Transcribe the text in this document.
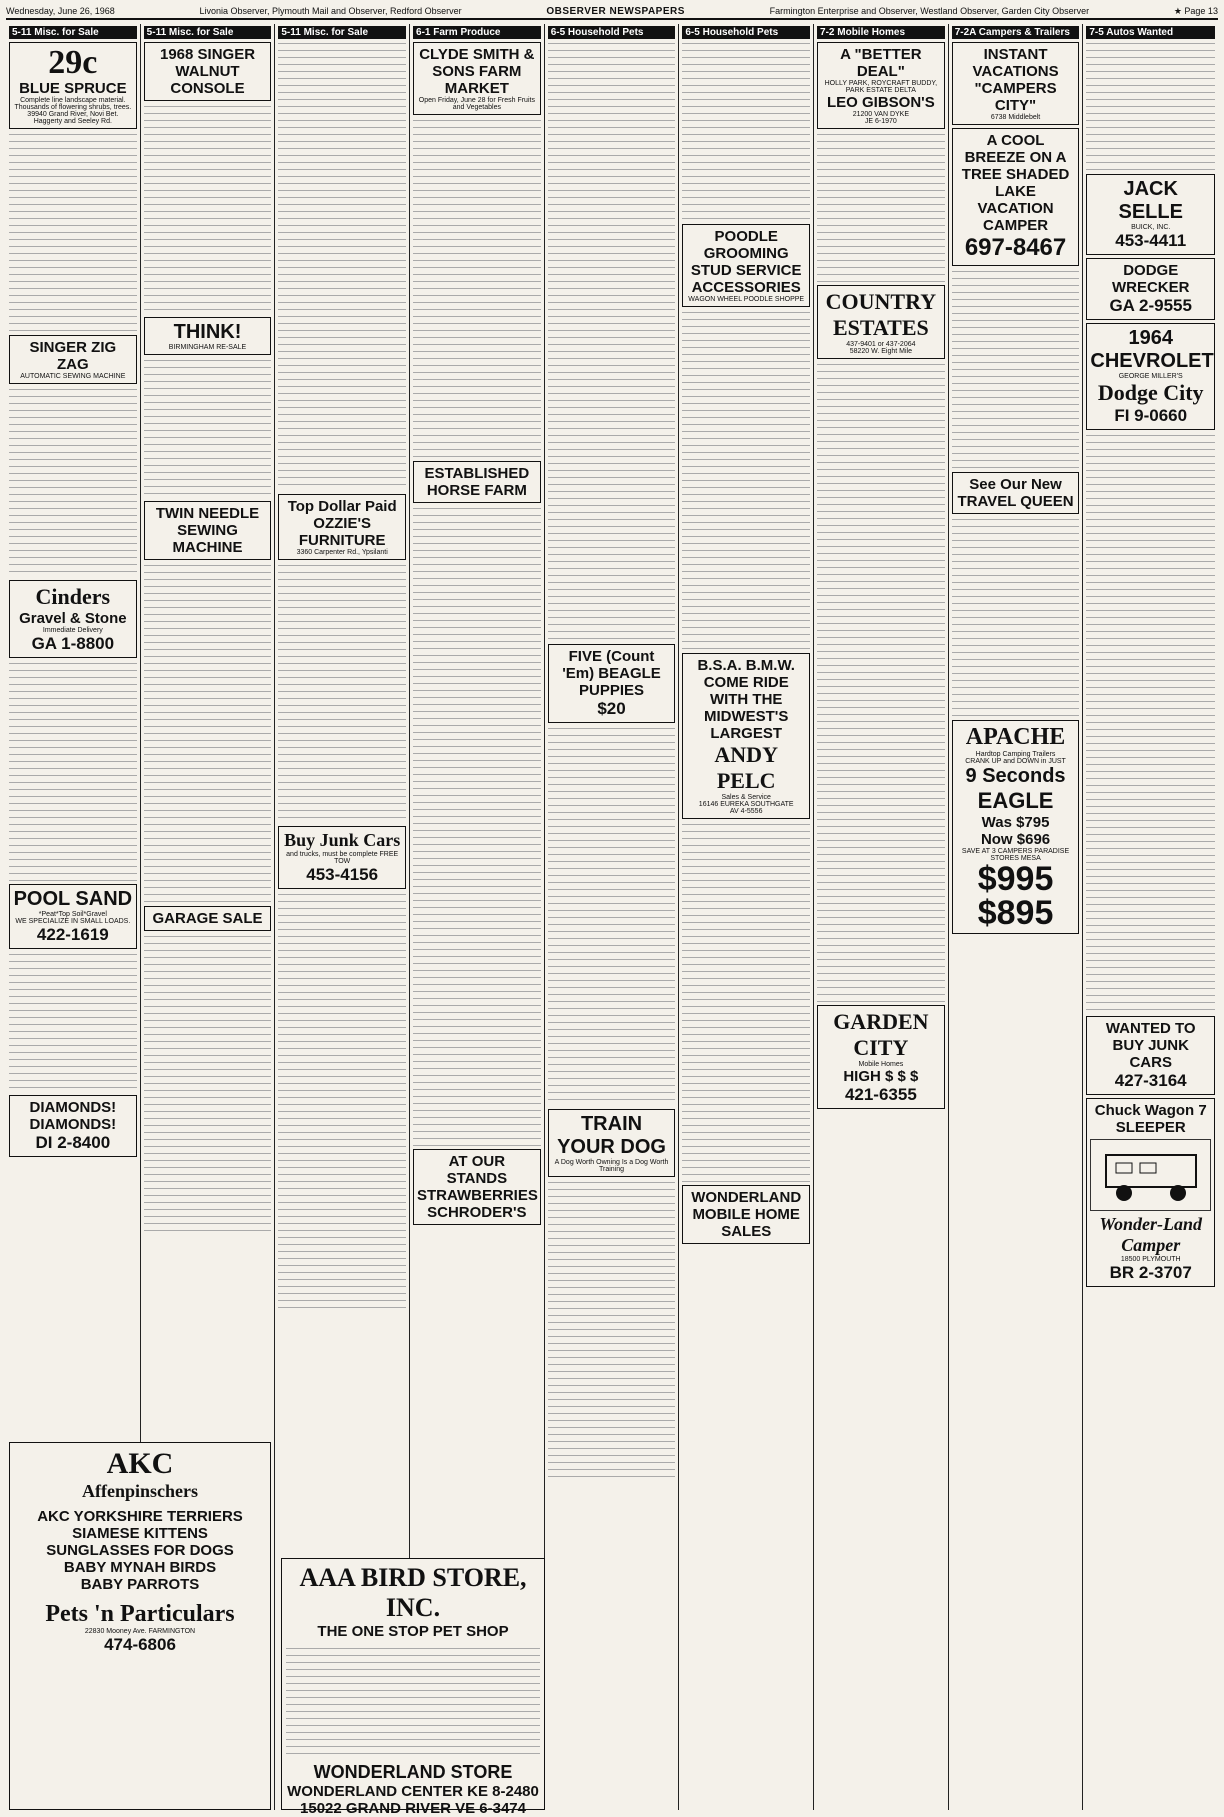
Wednesday, June 26, 1968	Livonia Observer, Plymouth Mail and Observer, Redford Observer	OBSERVER NEWSPAPERS	Farmington Enterprise and Observer, Westland Observer, Garden City Observer	★ Page 13
5-11 Misc. for Sale
29c
BLUE SPRUCE
Complete line landscape material. Thousands of flowering shrubs, trees.
39940 Grand River, Novi Bet. Haggerty and Seeley Rd.
SINGER ZIG ZAG
AUTOMATIC SEWING MACHINE
Cinders
Gravel & Stone
Immediate Delivery
GA 1-8800
POOL SAND
*Peat*Top Soil*Gravel
WE SPECIALIZE IN SMALL LOADS.
422-1619
DIAMONDS! DIAMONDS!
DI 2-8400
5-11 Misc. for Sale
1968 SINGER WALNUT CONSOLE
THINK!
BIRMINGHAM RE-SALE
TWIN NEEDLE SEWING MACHINE
GARAGE SALE
5-11 Misc. for Sale
Top Dollar Paid
OZZIE'S FURNITURE
3360 Carpenter Rd., Ypsilanti
Buy Junk Cars
and trucks, must be complete FREE TOW
453-4156
6-1 Farm Produce
CLYDE SMITH & SONS FARM MARKET
Open Friday, June 28 for Fresh Fruits and Vegetables
ESTABLISHED HORSE FARM
AT OUR STANDS
STRAWBERRIES
SCHRODER'S
6-5 Household Pets
FIVE (Count 'Em) BEAGLE PUPPIES
$20
TRAIN YOUR DOG
A Dog Worth Owning Is a Dog Worth Training
6-5 Household Pets
POODLE GROOMING STUD SERVICE ACCESSORIES
WAGON WHEEL POODLE SHOPPE
B.S.A. B.M.W.
COME RIDE WITH THE MIDWEST'S LARGEST
ANDY PELC
Sales & Service
16146 EUREKA SOUTHGATE
AV 4-5556
WONDERLAND MOBILE HOME SALES
7-2 Mobile Homes
A "BETTER DEAL"
HOLLY PARK, ROYCRAFT BUDDY, PARK ESTATE DELTA
LEO GIBSON'S
21200 VAN DYKE
JE 6-1970
COUNTRY ESTATES
437-9401 or 437-2064
58220 W. Eight Mile
GARDEN CITY
Mobile Homes
HIGH $ $ $
421-6355
7-2A Campers & Trailers
INSTANT VACATIONS
"CAMPERS CITY"
6738 Middlebelt
A COOL BREEZE ON A TREE SHADED LAKE
VACATION CAMPER
697-8467
See Our New TRAVEL QUEEN
APACHE
Hardtop Camping Trailers
CRANK UP and DOWN in JUST
9 Seconds
EAGLE
Was $795
Now $696
SAVE AT 3 CAMPERS PARADISE STORES MESA
$995
$895
7-5 Autos Wanted
JACK SELLE
BUICK, INC.
453-4411
DODGE WRECKER
GA 2-9555
1964 CHEVROLET
GEORGE MILLER'S
Dodge City
FI 9-0660
WANTED TO BUY JUNK CARS
427-3164
Chuck Wagon 7 SLEEPER
Wonder-Land Camper
18500 PLYMOUTH
BR 2-3707
AKC
Affenpinschers
AKC YORKSHIRE TERRIERS
SIAMESE KITTENS
SUNGLASSES FOR DOGS
BABY MYNAH BIRDS
BABY PARROTS
Pets 'n Particulars
22830 Mooney Ave. FARMINGTON
474-6806
AAA BIRD STORE, INC.
THE ONE STOP PET SHOP
WONDERLAND STORE
WONDERLAND CENTER KE 8-2480
15022 GRAND RIVER VE 6-3474
